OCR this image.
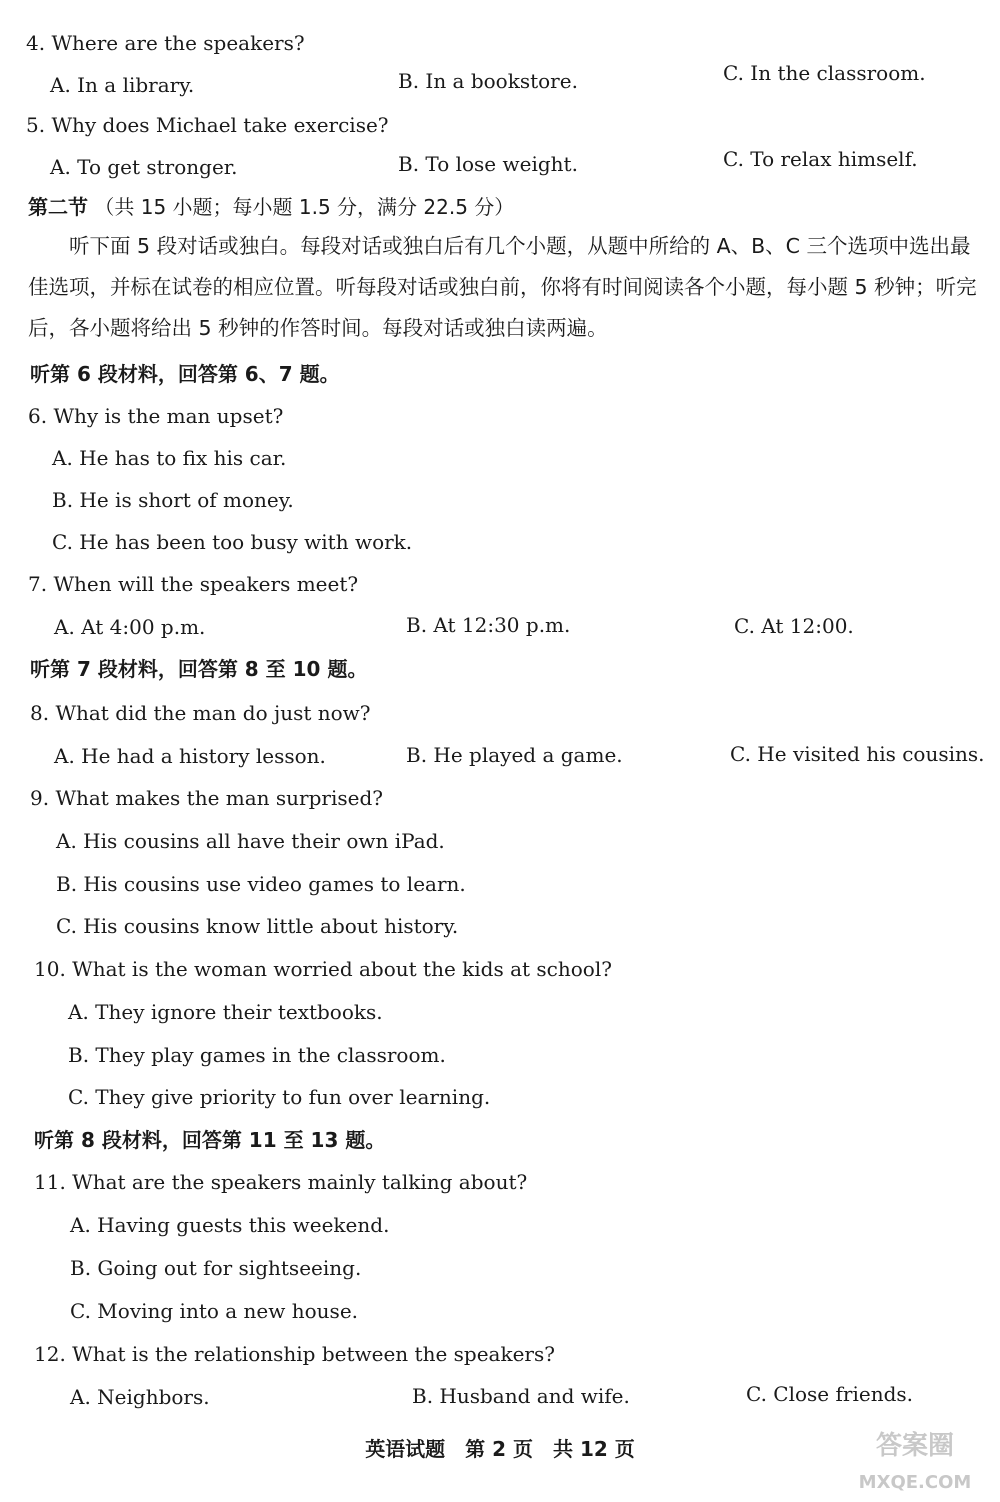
4. Where are the speakers?
A. In a library.	B. In a bookstore.	C. In the classroom.
5. Why does Michael take exercise?
A. To get stronger.	B. To lose weight.	C. To relax himself.
第二节 （共 15 小题；每小题 1.5 分，满分 22.5 分）
听下面 5 段对话或独白。每段对话或独白后有几个小题，从题中所给的 A、B、C 三个选项中选出最佳选项，并标在试卷的相应位置。听每段对话或独白前，你将有时间阅读各个小题，每小题 5 秒钟；听完后，各小题将给出 5 秒钟的作答时间。每段对话或独白读两遍。
听第 6 段材料，回答第 6、7 题。
6. Why is the man upset?
A. He has to fix his car.
B. He is short of money.
C. He has been too busy with work.
7. When will the speakers meet?
A. At 4:00 p.m.	B. At 12:30 p.m.	C. At 12:00.
听第 7 段材料，回答第 8 至 10 题。
8. What did the man do just now?
A. He had a history lesson.	B. He played a game.	C. He visited his cousins.
9. What makes the man surprised?
A. His cousins all have their own iPad.
B. His cousins use video games to learn.
C. His cousins know little about history.
10. What is the woman worried about the kids at school?
A. They ignore their textbooks.
B. They play games in the classroom.
C. They give priority to fun over learning.
听第 8 段材料，回答第 11 至 13 题。
11. What are the speakers mainly talking about?
A. Having guests this weekend.
B. Going out for sightseeing.
C. Moving into a new house.
12. What is the relationship between the speakers?
A. Neighbors.	B. Husband and wife.	C. Close friends.
英语试题　第 2 页　共 12 页	答案圈
MXQE.COM
